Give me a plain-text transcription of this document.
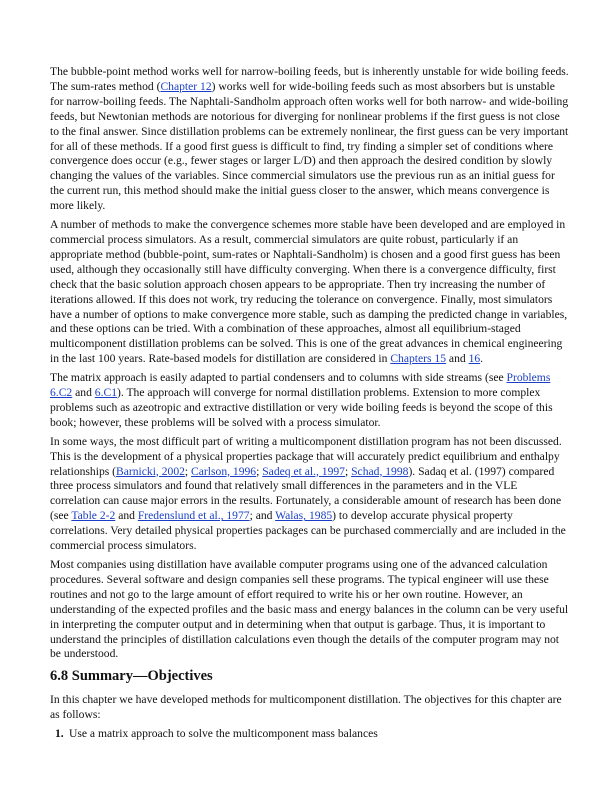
The bubble-point method works well for narrow-boiling feeds, but is inherently unstable for wide boiling feeds. The sum-rates method (Chapter 12) works well for wide-boiling feeds such as most absorbers but is unstable for narrow-boiling feeds. The Naphtali-Sandholm approach often works well for both narrow- and wide-boiling feeds, but Newtonian methods are notorious for diverging for nonlinear problems if the first guess is not close to the final answer. Since distillation problems can be extremely nonlinear, the first guess can be very important for all of these methods. If a good first guess is difficult to find, try finding a simpler set of conditions where convergence does occur (e.g., fewer stages or larger L/D) and then approach the desired condition by slowly changing the values of the variables. Since commercial simulators use the previous run as an initial guess for the current run, this method should make the initial guess closer to the answer, which means convergence is more likely.

A number of methods to make the convergence schemes more stable have been developed and are employed in commercial process simulators. As a result, commercial simulators are quite robust, particularly if an appropriate method (bubble-point, sum-rates or Naphtali-Sandholm) is chosen and a good first guess has been used, although they occasionally still have difficulty converging. When there is a convergence difficulty, first check that the basic solution approach chosen appears to be appropriate. Then try increasing the number of iterations allowed. If this does not work, try reducing the tolerance on convergence. Finally, most simulators have a number of options to make convergence more stable, such as damping the predicted change in variables, and these options can be tried. With a combination of these approaches, almost all equilibrium-staged multicomponent distillation problems can be solved. This is one of the great advances in chemical engineering in the last 100 years. Rate-based models for distillation are considered in Chapters 15 and 16.

The matrix approach is easily adapted to partial condensers and to columns with side streams (see Problems 6.C2 and 6.C1). The approach will converge for normal distillation problems. Extension to more complex problems such as azeotropic and extractive distillation or very wide boiling feeds is beyond the scope of this book; however, these problems will be solved with a process simulator.

In some ways, the most difficult part of writing a multicomponent distillation program has not been discussed. This is the development of a physical properties package that will accurately predict equilibrium and enthalpy relationships (Barnicki, 2002; Carlson, 1996; Sadeq et al., 1997; Schad, 1998). Sadaq et al. (1997) compared three process simulators and found that relatively small differences in the parameters and in the VLE correlation can cause major errors in the results. Fortunately, a considerable amount of research has been done (see Table 2-2 and Fredenslund et al., 1977; and Walas, 1985) to develop accurate physical property correlations. Very detailed physical properties packages can be purchased commercially and are included in the commercial process simulators.

Most companies using distillation have available computer programs using one of the advanced calculation procedures. Several software and design companies sell these programs. The typical engineer will use these routines and not go to the large amount of effort required to write his or her own routine. However, an understanding of the expected profiles and the basic mass and energy balances in the column can be very useful in interpreting the computer output and in determining when that output is garbage. Thus, it is important to understand the principles of distillation calculations even though the details of the computer program may not be understood.

6.8 Summary—Objectives

In this chapter we have developed methods for multicomponent distillation. The objectives for this chapter are as follows:

1. Use a matrix approach to solve the multicomponent mass balances
